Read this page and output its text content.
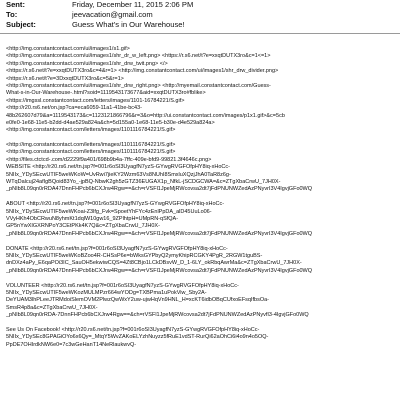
Sent:	Friday, December 11, 2015 2:06 PM
To:	jeevacation@gmail.com
Subject:	Guess What's in Our Warehouse!
<http://img.constantcontact.com/ui/images1/s1.gif>
<http://img.constantcontact.com/ui/images1/shr_dr_w_left.png> <https://r.s6.net/t?e=xxqtDUTX3ro&c=1<=1>
<http://img.constantcontact.com/ui/images1/shr_drw_twit.png> </>
<https://r.s6.net/t?e=xxqtDUTX3ro&c=4&r=1> <http://img.constantcontact.com/ui/images1/shr_drw_divider.png>
<https://r.s6.net/t?e=3DxxqtDUTX3ro&c=5&r=1>
<http://img.constantcontact.com/ui/images1/shr_drw_right.png> <http://myemail.constantcontact.com/Guess-
What-s-in-Our-Warehouse-.html?soid=1119543173677&aid=xxqtDUTX3ro#fblike>
<https://imgssl.constantcontact.com/letters/images/1101-16784221/S.gif>
<http://r20.rs6.net/on.jsp?ca=eca6059-11a1-41be-bc43-
48b262607d79&a=1119543173&c=1123121866796&r=3&o=http://ui.constantcontact.com/images/p1x1.gif>&c=5cb
e0fe0-1e68-11e5-b2dd-d4ae529a824a&ch=5d155a0-1e68-11e5-b30e-d4e529a824a>
<http://img.constantcontact.com/letters/images/1101116784221/S.gif>
<http://img.constantcontact.com/letters/images/1101116784221/S.gif>
<http://img.constantcontact.com/letters/images/1101116784221/S.gif>
<http://files.ctctcd-.com/d2229f9a401/698b9b4a-7ffc-409e-bfd9-99821.3f4646c.png>
WEBSITE <http://r20.rs6.net/tn.jsp?f=001r6oSI3UyagfN7yzS-GYwgRVGFOfpHY8iq-xHoCc-
5NIIx_YDySEcwUTIF5weWKoW=UvRwi7jieKY2Wzm63Vs8NUhI8SmxluXQzjJhA0TaR8z6g-
WTqDalcuj24afIgBQoid83Yo_-jpBQ-NbwK2gh5zGTZ36EUGAX1p_NfkL-jSCDGCWA=&c=ZTgXbaCrwU_7JH0X-
_pNIb8L09qn0rRDA47DnnFHPcb6bCXJrw4Rgw==&ch=rVSFl1JpeMjRWcovsa2dt7jFdPNUNWZedAzPNyvrI3V4IgvjGFo0WQ
ABOUT <http://r20.rs6.net/tn.jsp?f=001r6oSI3UyagfN7yzS-GYwgRVGFOfpHY8iq-xHoCc-
5NIIx_YDySEcwUTIF5weWKoai-Z3lfg_Fvk=SpoetYhFYc4zEnlPpDA_alD45UuLo06-
VVyHKh4ObCRwuN8yhmKt1dqlW10gw16_9ZPlhtpH=UMpRN-qSfQA-
GP5nYwXIGXRNPoY3CEtPKk4K7Q&c=ZTgXbaCrwU_7JH0X-
_pNIb8L09qn0rRDA47DnnFHPcb6bCXJrw4Rgw==&ch=rVSFl1JpeMjRWcovsa2dt7jFdPNUNWZedAzPNyvrI3V4IgvjGFo0WQ
DONATE <http://r20.rs6.net/tn.jsp?f=001r6oSI3UyagfN7yzS-GYwgRVGFOfpHY8iq-xHoCc-
5NIIx_YDySEcwUTIF5weWKoBZoo4R-CHSsP6e=bWksGYPbyQ2ymyKhipRCGKY4PgR_2RGW1tguBS-
dnDXz4aPy_E6qaPOi3IC_SauOH5ekwiwCQS=4Zt8CBjo1LCkDBsvW_D_1-6LY_okRbqAwrMa&c=ZTgXbaCrwU_7JH0X-
_pNIb8L09qn0rRDA47DnnFHPcb6bCXJrw4Rgw==&ch=rVSFl1JpeMjRWcovsa2dt7jFdPNUNWZedAzPNyvrI3V4IgvjGFo0WQ
VOLUNTEER <http://r20.rs6.net/tn.jsp?f=001r6oSI3UyagfN7yzS-GYwgRVGFOfpHY8iq-xHoCc-
5NIIx_YDySEcwUTIF5weWKozMULMPzr664wYODg=TXBPma1uPokViw_Sby2A-
DeYUAM3lhPLeeJTRMdoiSlemOVM2PlwzQwWxY2uw-ujwHqVn9HNL_H=xcKT6idbOBqCUfxoEFsqIfbsOa-
SmsR4p8a&c=ZTgXbaCrwU_7JH0X-
_pNIb8L09qn0rRDA-7DnnFHPcb6bCXJrw4Rgw==&ch=rVSFl1JpeMjRWcovsa2dt7jFdPNUNWZedAzPNyvfI3-4IgvjGFo0WQ
See Us On Facebook! <http://r20.rs6.net/tn.jsp?f=001r6oSI3UyagfN7yzS-GYwgRVGFOfpHY8iq-xHoCc-
5NIIx_YDySEc8GPAGiOYo6x6Qy=_MtqY5WvZAKoELYzhNuyzz5fRuE1vdST-RurQi62aOhCi6i4o9n4o5OQ-
PpDE7OHIrdkNW6e0=7c3wGeHanT14NeRlaukwvQ-
